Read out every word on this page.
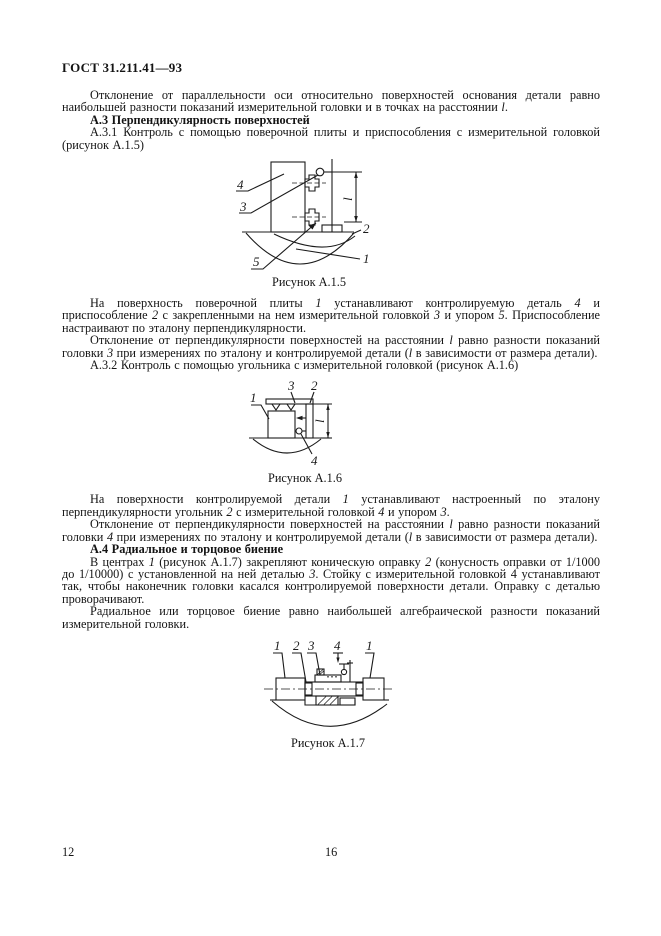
ГОСТ 31.211.41—93

Отклонение от параллельности оси относительно поверхностей основания детали равно наибольшей разности показаний измерительной головки и в точках на расстоянии l.

А.3 Перпендикулярность поверхностей

А.3.1 Контроль с помощью поверочной плиты и приспособления с измерительной головкой (рисунок А.1.5)

4
3
5
2
1
l
Рисунок А.1.5

На поверхность поверочной плиты 1 устанавливают контролируемую деталь 4 и приспособление 2 с закрепленными на нем измерительной головкой 3 и упором 5. Приспособление настраивают по эталону перпендикулярности.

Отклонение от перпендикулярности поверхностей на расстоянии l равно разности показаний головки 3 при измерениях по эталону и контролируемой детали (l в зависимости от размера детали).

А.3.2 Контроль с помощью угольника с измерительной головкой (рисунок А.1.6)

3 2
1
4
l
Рисунок А.1.6

На поверхности контролируемой детали 1 устанавливают настроенный по эталону перпендикулярности угольник 2 с измерительной головкой 4 и упором 3.

Отклонение от перпендикулярности поверхностей на расстоянии l равно разности показаний головки 4 при измерениях по эталону и контролируемой детали (l в зависимости от размера детали).

А.4 Радиальное и торцовое биение

В центрах 1 (рисунок А.1.7) закрепляют коническую оправку 2 (конусность оправки от 1/1000 до 1/10000) с установленной на ней деталью 3. Стойку с измерительной головкой 4 устанавливают так, чтобы наконечник головки касался контролируемой поверхности детали. Оправку с деталью проворачивают.

Радиальное или торцовое биение равно наибольшей алгебраической разности показаний измерительной головки.

1 2 3 4 1
Рисунок А.1.7
12	16
